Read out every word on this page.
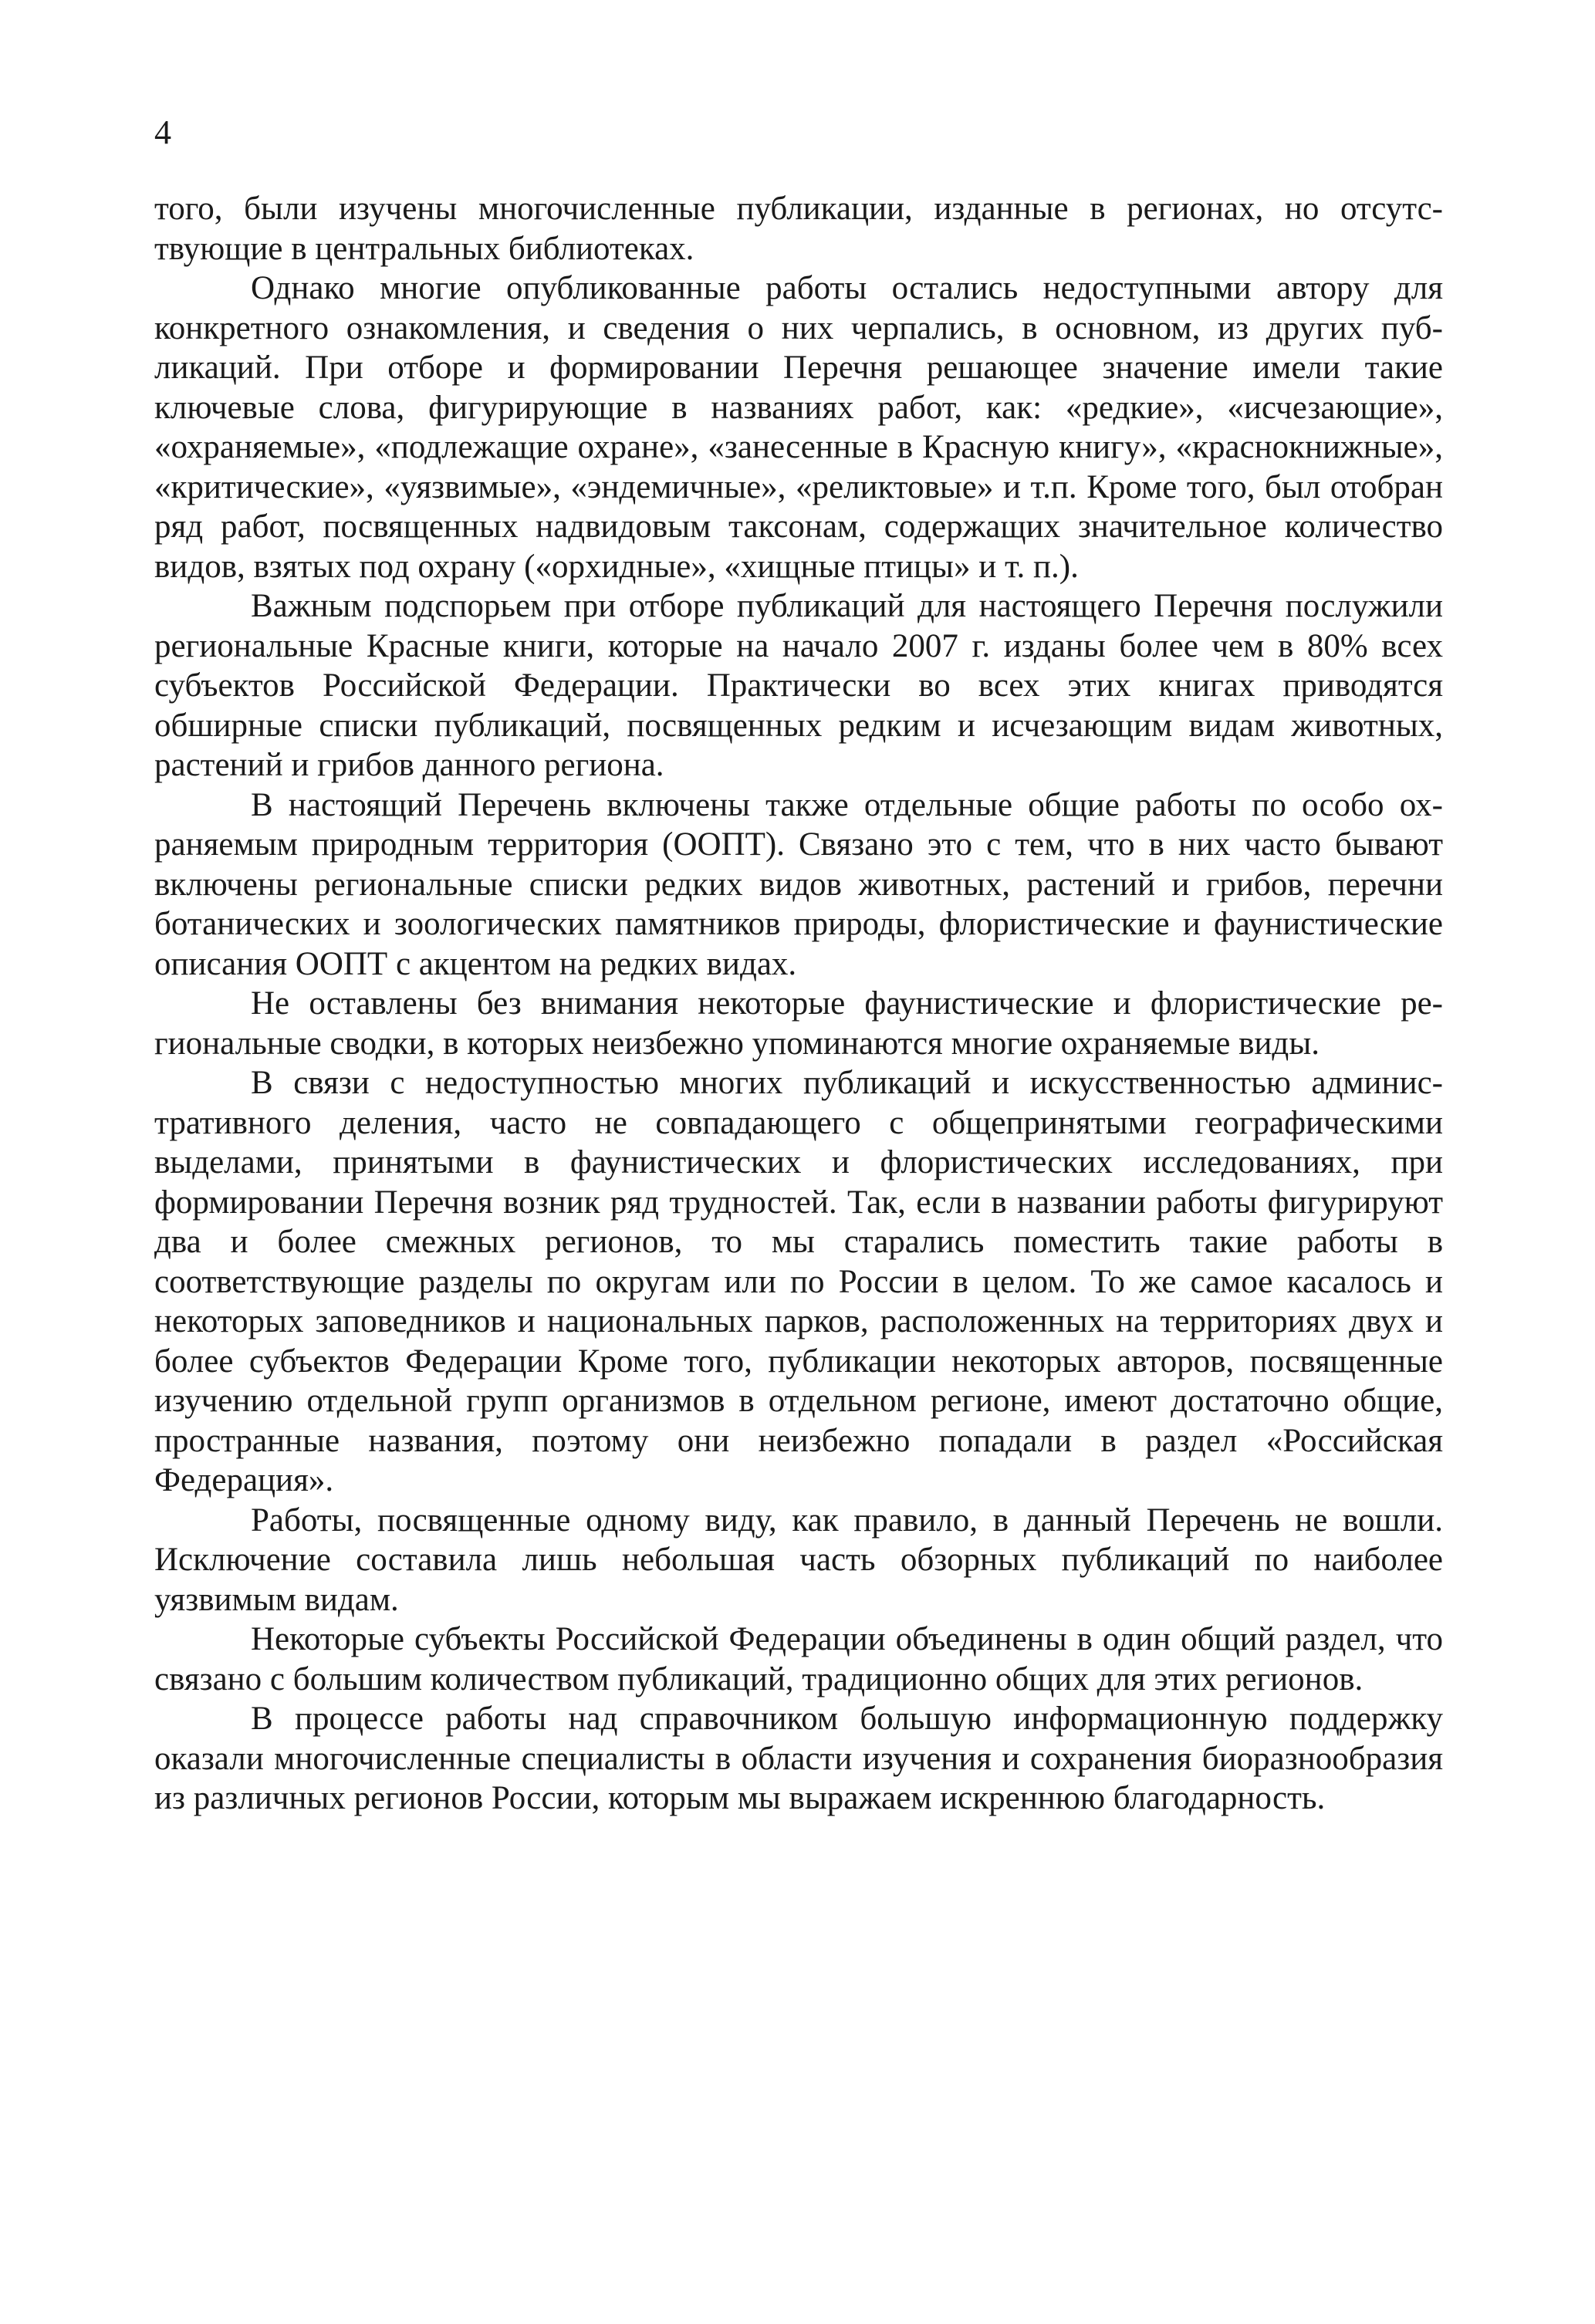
4

того, были изучены многочисленные публикации, изданные в регионах, но отсутствующие в центральных библиотеках.

Однако многие опубликованные работы остались недоступными автору для конкретного ознакомления, и сведения о них черпались, в основном, из других публикаций. При отборе и формировании Перечня решающее значение имели такие ключевые слова, фигурирующие в названиях работ, как: «редкие», «исчезающие», «охраняемые», «подлежащие охране», «занесенные в Красную книгу», «краснокнижные», «критические», «уязвимые», «эндемичные», «реликтовые» и т.п. Кроме того, был отобран ряд работ, посвященных надвидовым таксонам, содержащих значительное количество видов, взятых под охрану («орхидные», «хищные птицы» и т. п.).

Важным подспорьем при отборе публикаций для настоящего Перечня послужили региональные Красные книги, которые на начало 2007 г. изданы более чем в 80% всех субъектов Российской Федерации. Практически во всех этих книгах приводятся обширные списки публикаций, посвященных редким и исчезающим видам животных, растений и грибов данного региона.

В настоящий Перечень включены также отдельные общие работы по особо охраняемым природным территория (ООПТ). Связано это с тем, что в них часто бывают включены региональные списки редких видов животных, растений и грибов, перечни ботанических и зоологических памятников природы, флористические и фаунистические описания ООПТ с акцентом на редких видах.

Не оставлены без внимания некоторые фаунистические и флористические региональные сводки, в которых неизбежно упоминаются многие охраняемые виды.

В связи с недоступностью многих публикаций и искусственностью административного деления, часто не совпадающего с общепринятыми географическими выделами, принятыми в фаунистических и флористических исследованиях, при формировании Перечня возник ряд трудностей. Так, если в названии работы фигурируют два и более смежных регионов, то мы старались поместить такие работы в соответствующие разделы по округам или по России в целом. То же самое касалось и некоторых заповедников и национальных парков, расположенных на территориях двух и более субъектов Федерации Кроме того, публикации некоторых авторов, посвященные изучению отдельной групп организмов в отдельном регионе, имеют достаточно общие, пространные названия, поэтому они неизбежно попадали в раздел «Российская Федерация».

Работы, посвященные одному виду, как правило, в данный Перечень не вошли. Исключение составила лишь небольшая часть обзорных публикаций по наиболее уязвимым видам.

Некоторые субъекты Российской Федерации объединены в один общий раздел, что связано с большим количеством публикаций, традиционно общих для этих регионов.

В процессе работы над справочником большую информационную поддержку оказали многочисленные специалисты в области изучения и сохранения биоразнообразия из различных регионов России, которым мы выражаем искреннюю благодарность.
